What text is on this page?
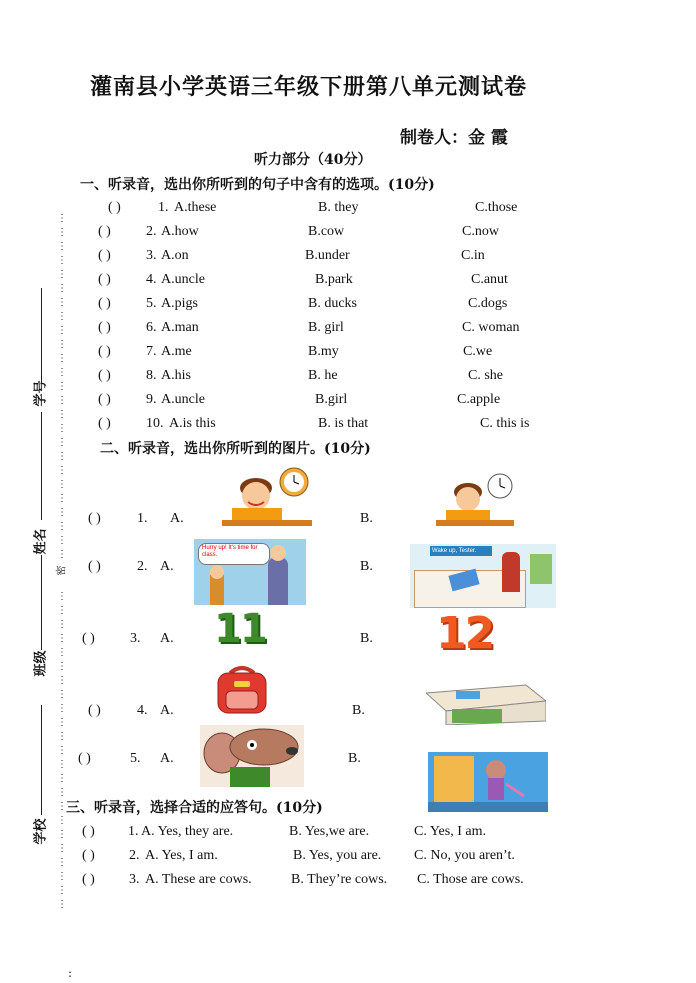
灌南县小学英语三年级下册第八单元测试卷
制卷人：金 霞
听力部分（40分）
⋮
⋮
⋮
⋮
⋮
⋮
⋮
⋮
⋮
⋮
⋮
⋮
⋮
⋮
⋮
⋮
⋮
⋮
⋮
⋮
⋮
⋮
⋮
⋮
⋮
⋮
⋮
⋮
⋮
⋮
⋮
⋮
⋮
⋮
⋮
⋮
⋮
⋮
⋮
⋮
⋮
⋮
⋮
⋮
⋮
⋮
⋮
⋮
:
学号
姓名
密
班级
学校
一、听录音，选出你所听到的句子中含有的选项。(10分)
( )	1. A.these	B. they	C.those
( )	2. A.how	B.cow	C.now
( )	3. A.on	B.under	C.in
( )	4. A.uncle	B.park	C.anut
( )	5. A.pigs	B. ducks	C.dogs
( )	6. A.man	B. girl	C. woman
( )	7. A.me	B.my	C.we
( )	8. A.his	B. he	C. she
( )	9. A.uncle	B.girl	C.apple
( )	10. A.is this	B. is that	C. this is
二、听录音，选出你所听到的图片。(10分)
( )	1. A.	B.
( )	2. A.	B.
Hurry up! It's time for class.
Wake up, Tester.
( )	3. A.	B.
11	12
( )	4. A.	B.
( )	5. A.	B.
三、听录音，选择合适的应答句。(10分)
( ) 1. A. Yes, they are.	B. Yes,we are.	C. Yes, I am.
( ) 2. A. Yes, I am.	B. Yes, you are. C. No, you aren’t.
( ) 3. A. These are cows.	B. They’re cows. C. Those are cows.
